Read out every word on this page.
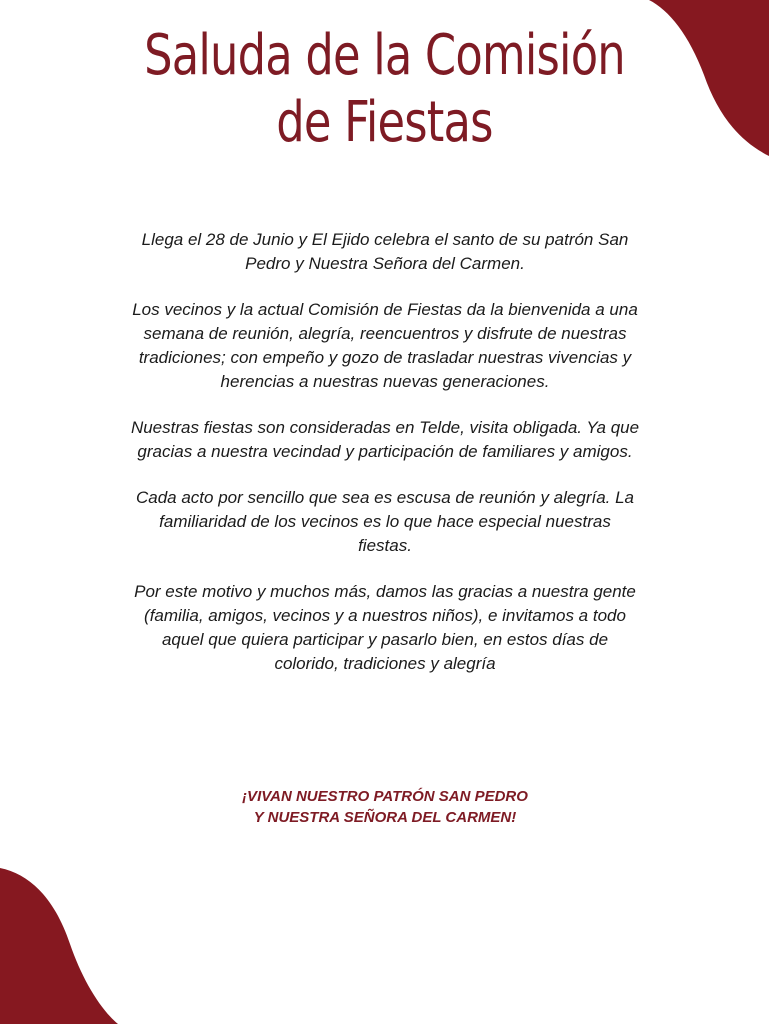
Saluda de la Comisión
de Fiestas

Llega el 28 de Junio y El Ejido celebra el santo de su patrón San Pedro y Nuestra Señora del Carmen.

Los vecinos y la actual Comisión de Fiestas da la bienvenida a una semana de reunión, alegría, reencuentros y disfrute de nuestras tradiciones; con empeño y gozo de trasladar nuestras vivencias y herencias a nuestras nuevas generaciones.

Nuestras fiestas son consideradas en Telde, visita obligada. Ya que gracias a nuestra vecindad y participación de familiares y amigos.

Cada acto por sencillo que sea es escusa de reunión y alegría. La familiaridad de los vecinos es lo que hace especial nuestras fiestas.

Por este motivo y muchos más, damos las gracias a nuestra gente (familia, amigos, vecinos y a nuestros niños), e invitamos a todo aquel que quiera participar y pasarlo bien, en estos días de colorido, tradiciones y alegría

¡VIVAN NUESTRO PATRÓN SAN PEDRO
Y NUESTRA SEÑORA DEL CARMEN!
